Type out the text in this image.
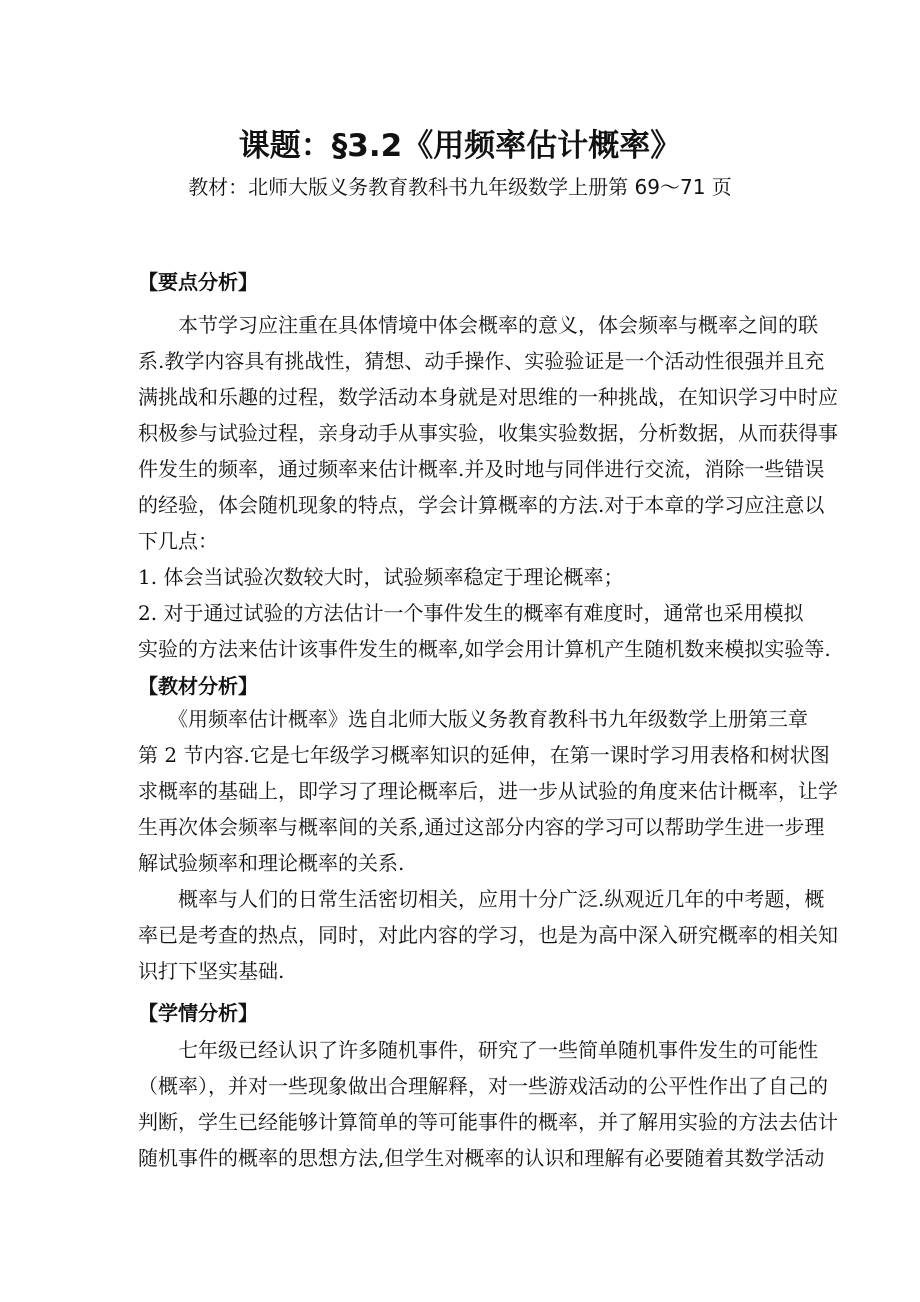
课题：§3.2《用频率估计概率》
教材：北师大版义务教育教科书九年级数学上册第 69～71 页
【要点分析】
　　本节学习应注重在具体情境中体会概率的意义，体会频率与概率之间的联
系.教学内容具有挑战性，猜想、动手操作、实验验证是一个活动性很强并且充
满挑战和乐趣的过程，数学活动本身就是对思维的一种挑战，在知识学习中时应
积极参与试验过程，亲身动手从事实验，收集实验数据，分析数据，从而获得事
件发生的频率，通过频率来估计概率.并及时地与同伴进行交流，消除一些错误
的经验，体会随机现象的特点，学会计算概率的方法.对于本章的学习应注意以
下几点：
1. 体会当试验次数较大时，试验频率稳定于理论概率；
2. 对于通过试验的方法估计一个事件发生的概率有难度时，通常也采用模拟
实验的方法来估计该事件发生的概率,如学会用计算机产生随机数来模拟实验等.
【教材分析】
　　《用频率估计概率》选自北师大版义务教育教科书九年级数学上册第三章
第 2 节内容.它是七年级学习概率知识的延伸，在第一课时学习用表格和树状图
求概率的基础上，即学习了理论概率后，进一步从试验的角度来估计概率，让学
生再次体会频率与概率间的关系,通过这部分内容的学习可以帮助学生进一步理
解试验频率和理论概率的关系.
　　概率与人们的日常生活密切相关，应用十分广泛.纵观近几年的中考题，概
率已是考查的热点，同时，对此内容的学习，也是为高中深入研究概率的相关知
识打下坚实基础.
【学情分析】
　　七年级已经认识了许多随机事件，研究了一些简单随机事件发生的可能性
（概率），并对一些现象做出合理解释，对一些游戏活动的公平性作出了自己的
判断，学生已经能够计算简单的等可能事件的概率，并了解用实验的方法去估计
随机事件的概率的思想方法,但学生对概率的认识和理解有必要随着其数学活动
